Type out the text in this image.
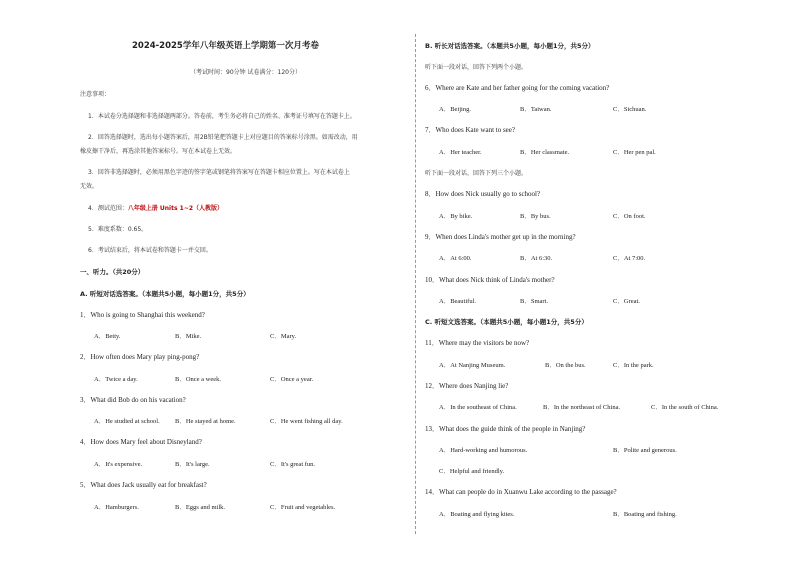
2024-2025学年八年级英语上学期第一次月考卷
（考试时间：90分钟 试卷满分：120分）
注意事项：
1．本试卷分选择题和非选择题两部分。答卷前，考生务必将自己的姓名、准考证号填写在答题卡上。
2．回答选择题时，选出每小题答案后，用2B铅笔把答题卡上对应题目的答案标号涂黑。如需改动，用
橡皮擦干净后，再选涂其他答案标号。写在本试卷上无效。
3．回答非选择题时，必须用黑色字迹的签字笔或钢笔将答案写在答题卡相应位置上。写在本试卷上
无效。
4．测试范围：八年级上册 Units 1~2（人教版）
5．难度系数：0.65。
6．考试结束后，将本试卷和答题卡一并交回。
一、听力。（共20分）
A. 听短对话选答案。（本题共5小题，每小题1分，共5分）
1．Who is going to Shanghai this weekend?
A．Betty.	B．Mike.	C．Mary.
2．How often does Mary play ping-pong?
A．Twice a day.	B．Once a week.	C．Once a year.
3．What did Bob do on his vacation?
A．He studied at school. B．He stayed at home.	C．He went fishing all day.
4．How does Mary feel about Disneyland?
A．It's expensive.	B．It's large.	C．It's great fun.
5．What does Jack usually eat for breakfast?
A．Hamburgers.	B．Eggs and milk.	C．Fruit and vegetables.
B. 听长对话选答案。（本题共5小题，每小题1分，共5分）
听下面一段对话，回答下列两个小题。
6．Where are Kate and her father going for the coming vacation?
A．Beijing.	B．Taiwan.	C．Sichuan.
7．Who does Kate want to see?
A．Her teacher.	B．Her classmate.	C．Her pen pal.
听下面一段对话，回答下列三个小题。
8．How does Nick usually go to school?
A．By bike.	B．By bus.	C．On foot.
9．When does Linda's mother get up in the morning?
A．At 6:00.	B．At 6:30.	C．At 7:00.
10．What does Nick think of Linda's mother?
A．Beautiful.	B．Smart.	C．Great.
C. 听短文选答案。（本题共5小题，每小题1分，共5分）
11．Where may the visitors be now?
A．At Nanjing Museum.	B．On the bus.	C．In the park.
12．Where does Nanjing lie?
A．In the southeast of China.	B．In the northeast of China.	C．In the south of China.
13．What does the guide think of the people in Nanjing?
A．Hard-working and humorous.	B．Polite and generous.
C．Helpful and friendly.
14．What can people do in Xuanwu Lake according to the passage?
A．Boating and flying kites.	B．Boating and fishing.
